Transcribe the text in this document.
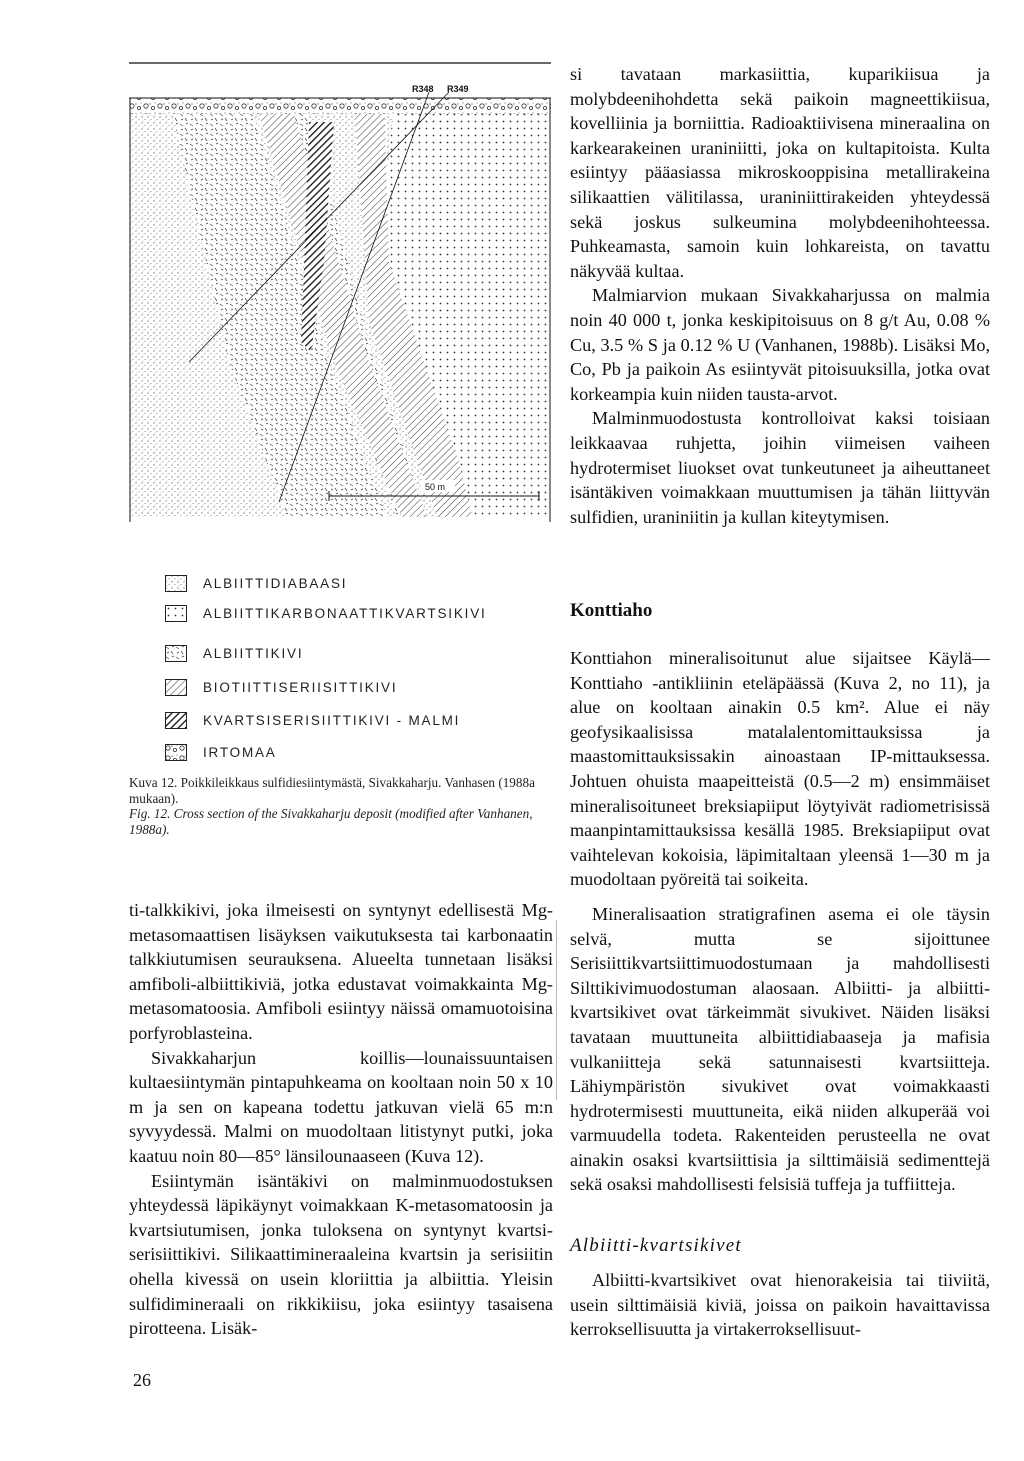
R348 R349
50 m
ALBIITTIDIABAASI
ALBIITTIKARBONAATTIKVARTSIKIVI
ALBIITTIKIVI
BIOTIITTISERIISITTIKIVI
KVARTSISERISIITTIKIVI - MALMI
IRTOMAA
Kuva 12. Poikkileikkaus sulfidiesiintymästä, Sivakkaharju. Vanhasen (1988a mukaan).
Fig. 12. Cross section of the Sivakkaharju deposit (modified after Vanhanen, 1988a).

ti-talkkikivi, joka ilmeisesti on syntynyt edellisestä Mg-metasomaattisen lisäyksen vaikutuksesta tai karbonaatin talkkiutumisen seurauksena. Alueelta tunnetaan lisäksi amfiboli-albiittikiviä, jotka edustavat voimakkainta Mg-metasomatoosia. Amfiboli esiintyy näissä omamuotoisina porfyroblasteina.

Sivakkaharjun koillis—lounaissuuntaisen kultaesiintymän pintapuhkeama on kooltaan noin 50 x 10 m ja sen on kapeana todettu jatkuvan vielä 65 m:n syvyydessä. Malmi on muodoltaan litistynyt putki, joka kaatuu noin 80—85° länsilounaaseen (Kuva 12).

Esiintymän isäntäkivi on malminmuodostuksen yhteydessä läpikäynyt voimakkaan K-metasomatoosin ja kvartsiutumisen, jonka tuloksena on syntynyt kvartsi-serisiittikivi. Silikaattimineraaleina kvartsin ja serisiitin ohella kivessä on usein kloriittia ja albiittia. Yleisin sulfidimineraali on rikkikiisu, joka esiintyy tasaisena pirotteena. Lisäk-

26

si tavataan markasiittia, kuparikiisua ja molybdeenihohdetta sekä paikoin magneettikiisua, kovelliinia ja borniittia. Radioaktiivisena mineraalina on karkearakeinen uraniniitti, joka on kultapitoista. Kulta esiintyy pääasiassa mikroskooppisina metallirakeina silikaattien välitilassa, uraniniittirakeiden yhteydessä sekä joskus sulkeumina molybdeenihohteessa. Puhkeamasta, samoin kuin lohkareista, on tavattu näkyvää kultaa.

Malmiarvion mukaan Sivakkaharjussa on malmia noin 40 000 t, jonka keskipitoisuus on 8 g/t Au, 0.08 % Cu, 3.5 % S ja 0.12 % U (Vanhanen, 1988b). Lisäksi Mo, Co, Pb ja paikoin As esiintyvät pitoisuuksilla, jotka ovat korkeampia kuin niiden tausta-arvot.

Malminmuodostusta kontrolloivat kaksi toisiaan leikkaavaa ruhjetta, joihin viimeisen vaiheen hydrotermiset liuokset ovat tunkeutuneet ja aiheuttaneet isäntäkiven voimakkaan muuttumisen ja tähän liittyvän sulfidien, uraniniitin ja kullan kiteytymisen.

Konttiaho

Konttiahon mineralisoitunut alue sijaitsee Käylä—Konttiaho -antikliinin eteläpäässä (Kuva 2, no 11), ja alue on kooltaan ainakin 0.5 km². Alue ei näy geofysikaalisissa matalalentomittauksissa ja maastomittauksissakin ainoastaan IP-mittauksessa. Johtuen ohuista maapeitteistä (0.5—2 m) ensimmäiset mineralisoituneet breksiapiiput löytyivät radiometrisissä maanpintamittauksissa kesällä 1985. Breksiapiiput ovat vaihtelevan kokoisia, läpimitaltaan yleensä 1—30 m ja muodoltaan pyöreitä tai soikeita.

Mineralisaation stratigrafinen asema ei ole täysin selvä, mutta se sijoittunee Serisiittikvartsiittimuodostumaan ja mahdollisesti Silttikivimuodostuman alaosaan. Albiitti- ja albiitti-kvartsikivet ovat tärkeimmät sivukivet. Näiden lisäksi tavataan muuttuneita albiittidiabaaseja ja mafisia vulkaniitteja sekä satunnaisesti kvartsiitteja. Lähiympäristön sivukivet ovat voimakkaasti hydrotermisesti muuttuneita, eikä niiden alkuperää voi varmuudella todeta. Rakenteiden perusteella ne ovat ainakin osaksi kvartsiittisia ja silttimäisiä sedimenttejä sekä osaksi mahdollisesti felsisiä tuffeja ja tuffiitteja.

Albiitti-kvartsikivet

Albiitti-kvartsikivet ovat hienorakeisia tai tiiviitä, usein silttimäisiä kiviä, joissa on paikoin havaittavissa kerroksellisuutta ja virtakerroksellisuut-
